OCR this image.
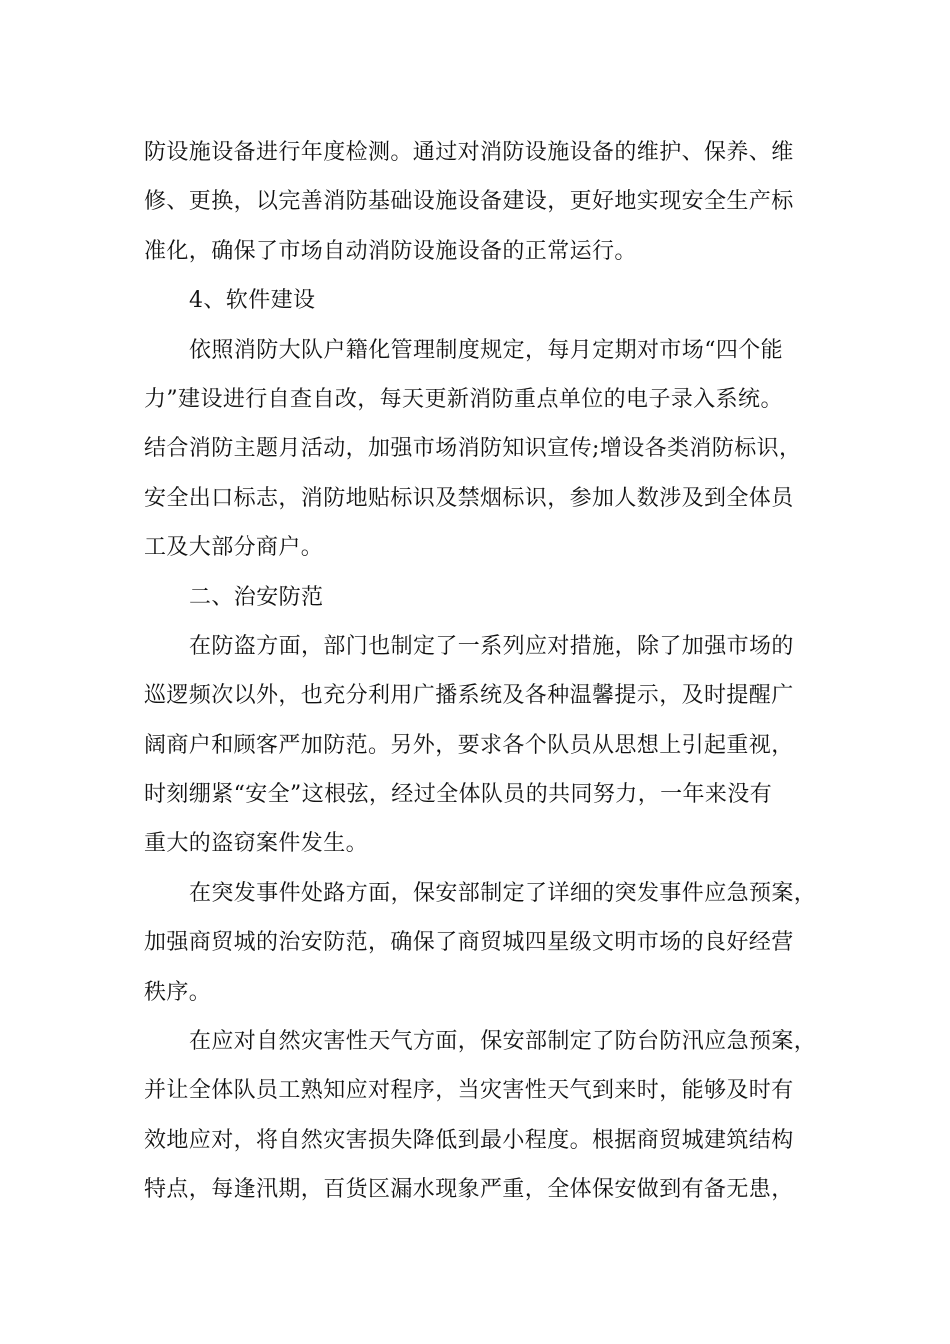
防设施设备进行年度检测。通过对消防设施设备的维护、保养、维
修、更换，以完善消防基础设施设备建设，更好地实现安全生产标
准化，确保了市场自动消防设施设备的正常运行。
4、软件建设
依照消防大队户籍化管理制度规定，每月定期对市场“四个能
力”建设进行自查自改，每天更新消防重点单位的电子录入系统。
结合消防主题月活动，加强市场消防知识宣传;增设各类消防标识，
安全出口标志，消防地贴标识及禁烟标识，参加人数涉及到全体员
工及大部分商户。
二、治安防范
在防盗方面，部门也制定了一系列应对措施，除了加强市场的
巡逻频次以外，也充分利用广播系统及各种温馨提示，及时提醒广
阔商户和顾客严加防范。另外，要求各个队员从思想上引起重视，
时刻绷紧“安全”这根弦，经过全体队员的共同努力，一年来没有
重大的盗窃案件发生。
在突发事件处路方面，保安部制定了详细的突发事件应急预案，
加强商贸城的治安防范，确保了商贸城四星级文明市场的良好经营
秩序。
在应对自然灾害性天气方面，保安部制定了防台防汛应急预案，
并让全体队员工熟知应对程序，当灾害性天气到来时，能够及时有
效地应对，将自然灾害损失降低到最小程度。根据商贸城建筑结构
特点，每逢汛期，百货区漏水现象严重，全体保安做到有备无患，
